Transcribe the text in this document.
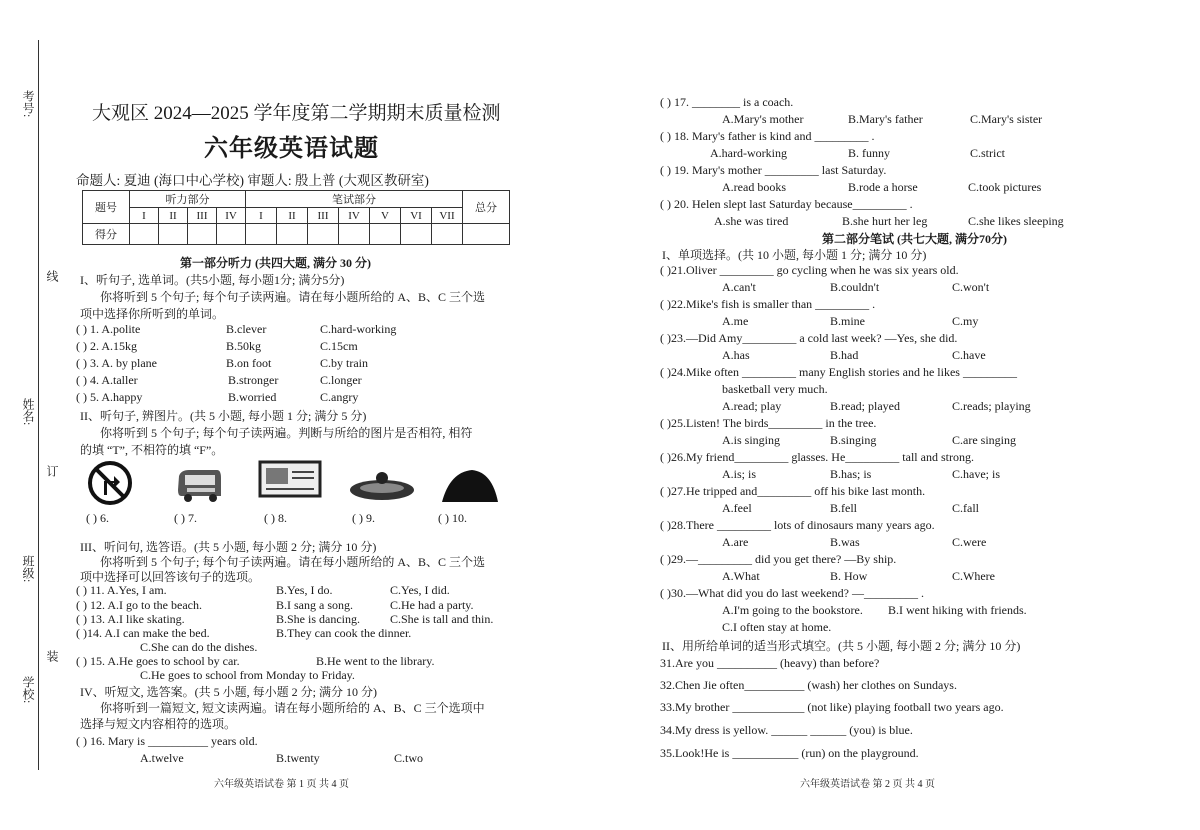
考号:
姓名:
班级:
学校:
线
订
装
大观区 2024—2025 学年度第二学期期末质量检测
六年级英语试题
命题人: 夏迪 (海口中心学校) 审题人: 殷上普 (大观区教研室)
题号	听力部分				笔试部分							总分
	I	II	III	IV	I	II	III	IV	V	VI	VII	
得分												
第一部分听力 (共四大题, 满分 30 分)
I、听句子, 选单词。(共5小题, 每小题1分; 满分5分)
你将听到 5 个句子; 每个句子读两遍。请在每小题所给的 A、B、C 三个选
项中选择你所听到的单词。
( ) 1. A.polite	B.clever	C.hard-working
( ) 2. A.15kg	B.50kg	C.15cm
( ) 3. A. by plane	B.on foot	C.by train
( ) 4. A.taller	B.stronger	C.longer
( ) 5. A.happy	B.worried	C.angry
II、听句子, 辨图片。(共 5 小题, 每小题 1 分; 满分 5 分)
你将听到 5 个句子; 每个句子读两遍。判断与所给的图片是否相符, 相符
的填 “T”, 不相符的填 “F”。
( ) 6.	( ) 7.	( ) 8.	( ) 9.	( ) 10.
III、听问句, 选答语。(共 5 小题, 每小题 2 分; 满分 10 分)
你将听到 5 个句子; 每个句子读两遍。请在每小题所给的 A、B、C 三个选
项中选择可以回答该句子的选项。
( ) 11. A.Yes, I am.	B.Yes, I do.	C.Yes, I did.
( ) 12. A.I go to the beach.	B.I sang a song.	C.He had a party.
( ) 13. A.I like skating.	B.She is dancing.	C.She is tall and thin.
( )14. A.I can make the bed.	B.They can cook the dinner.
C.She can do the dishes.
( ) 15. A.He goes to school by car.	B.He went to the library.
C.He goes to school from Monday to Friday.
IV、听短文, 选答案。(共 5 小题, 每小题 2 分; 满分 10 分)
你将听到一篇短文, 短文读两遍。请在每小题所给的 A、B、C 三个选项中
选择与短文内容相符的选项。
( ) 16. Mary is __________ years old.
A.twelve	B.twenty	C.two
六年级英语试卷 第 1 页 共 4 页
( ) 17. ________ is a coach.
A.Mary's mother	B.Mary's father	C.Mary's sister
( ) 18. Mary's father is kind and _________ .
A.hard-working	B. funny	C.strict
( ) 19. Mary's mother _________ last Saturday.
A.read books	B.rode a horse	C.took pictures
( ) 20. Helen slept last Saturday because_________ .
A.she was tired	B.she hurt her leg	C.she likes sleeping
第二部分笔试 (共七大题, 满分70分)
I、单项选择。(共 10 小题, 每小题 1 分; 满分 10 分)
( )21.Oliver _________ go cycling when he was six years old.
A.can't	B.couldn't	C.won't
( )22.Mike's fish is smaller than _________ .
A.me	B.mine	C.my
( )23.—Did Amy_________ a cold last week? —Yes, she did.
A.has	B.had	C.have
( )24.Mike often _________ many English stories and he likes _________
basketball very much.
A.read; play	B.read; played	C.reads; playing
( )25.Listen! The birds_________ in the tree.
A.is singing	B.singing	C.are singing
( )26.My friend_________ glasses. He_________ tall and strong.
A.is; is	B.has; is	C.have; is
( )27.He tripped and_________ off his bike last month.
A.feel	B.fell	C.fall
( )28.There _________ lots of dinosaurs many years ago.
A.are	B.was	C.were
( )29.—_________ did you get there? —By ship.
A.What	B. How	C.Where
( )30.—What did you do last weekend? —_________ .
A.I'm going to the bookstore. B.I went hiking with friends.
C.I often stay at home.
II、用所给单词的适当形式填空。(共 5 小题, 每小题 2 分; 满分 10 分)
31.Are you __________ (heavy) than before?
32.Chen Jie often__________ (wash) her clothes on Sundays.
33.My brother ____________ (not like) playing football two years ago.
34.My dress is yellow. ______ ______ (you) is blue.
35.Look!He is ___________ (run) on the playground.
六年级英语试卷 第 2 页 共 4 页
